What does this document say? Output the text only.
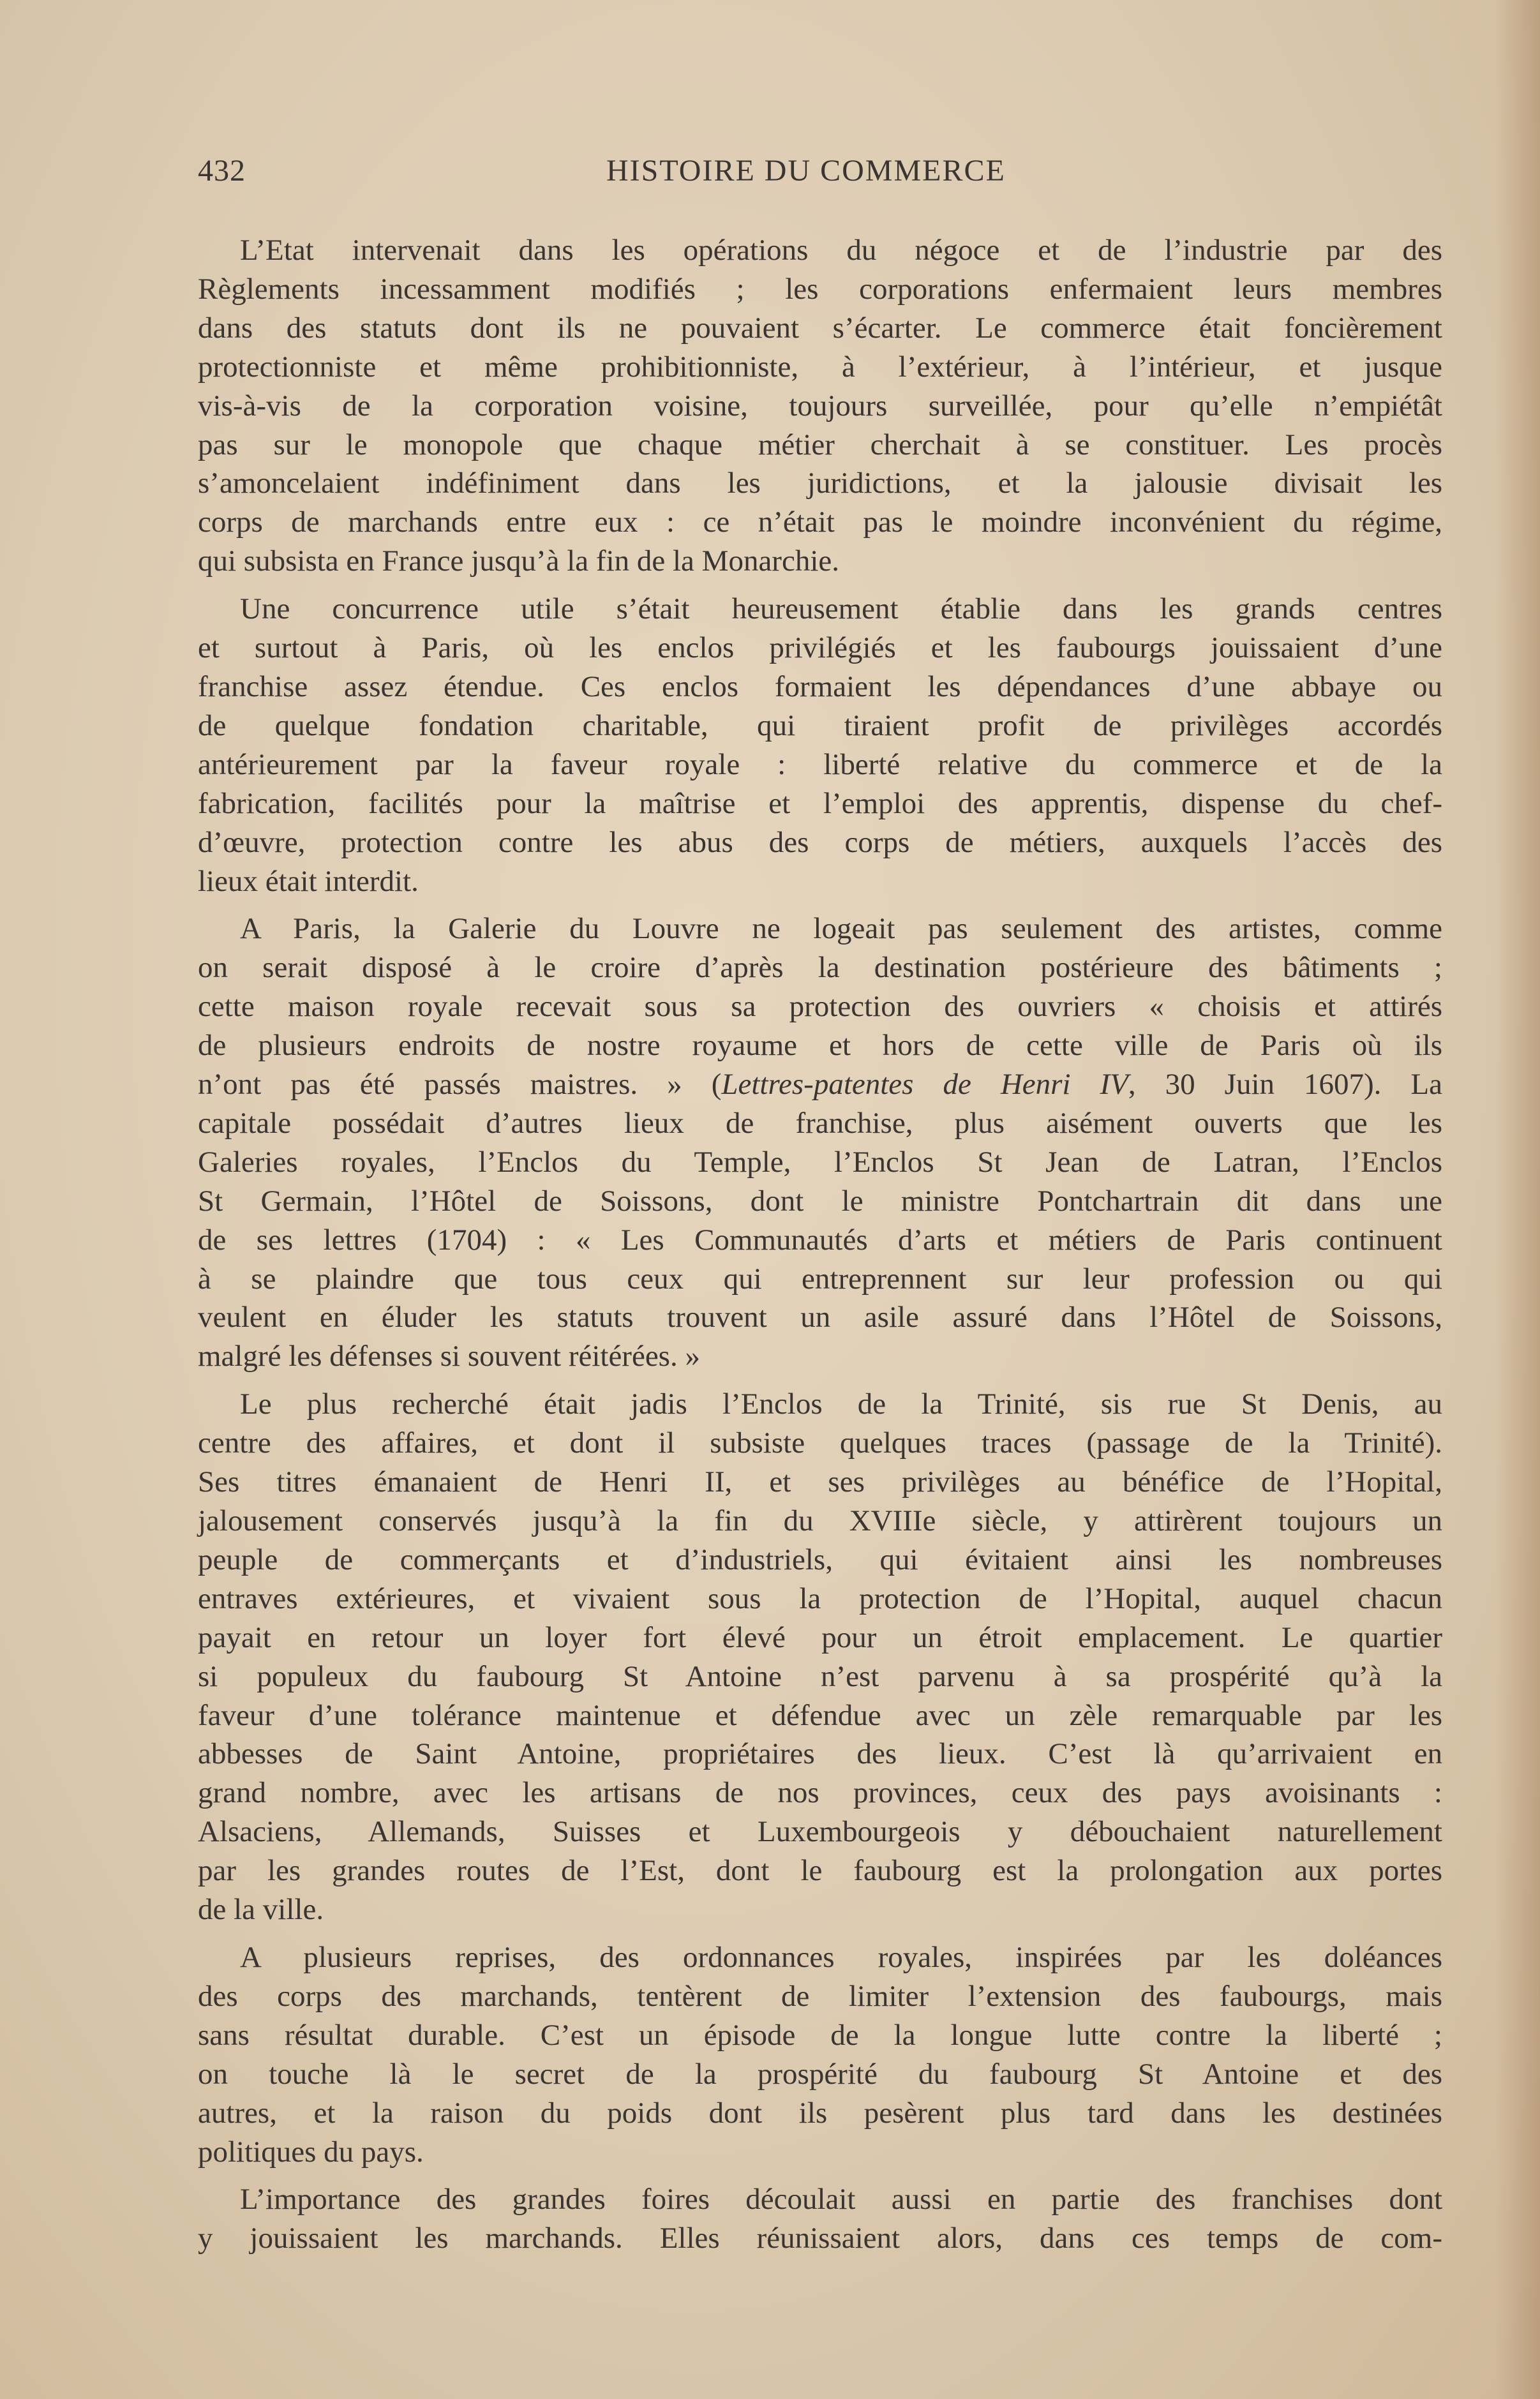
432	HISTOIRE DU COMMERCE

L’Etat intervenait dans les opérations du négoce et de l’industrie par des
Règlements incessamment modifiés ; les corporations enfermaient leurs membres
dans des statuts dont ils ne pouvaient s’écarter. Le commerce était foncièrement
protectionniste et même prohibitionniste, à l’extérieur, à l’intérieur, et jusque
vis-à-vis de la corporation voisine, toujours surveillée, pour qu’elle n’empiétât
pas sur le monopole que chaque métier cherchait à se constituer. Les procès
s’amoncelaient indéfiniment dans les juridictions, et la jalousie divisait les
corps de marchands entre eux : ce n’était pas le moindre inconvénient du régime,
qui subsista en France jusqu’à la fin de la Monarchie.

Une concurrence utile s’était heureusement établie dans les grands centres
et surtout à Paris, où les enclos privilégiés et les faubourgs jouissaient d’une
franchise assez étendue. Ces enclos formaient les dépendances d’une abbaye ou
de quelque fondation charitable, qui tiraient profit de privilèges accordés
antérieurement par la faveur royale : liberté relative du commerce et de la
fabrication, facilités pour la maîtrise et l’emploi des apprentis, dispense du chef-
d’œuvre, protection contre les abus des corps de métiers, auxquels l’accès des
lieux était interdit.

A Paris, la Galerie du Louvre ne logeait pas seulement des artistes, comme
on serait disposé à le croire d’après la destination postérieure des bâtiments ;
cette maison royale recevait sous sa protection des ouvriers « choisis et attirés
de plusieurs endroits de nostre royaume et hors de cette ville de Paris où ils
n’ont pas été passés maistres. » (Lettres-patentes de Henri IV, 30 Juin 1607). La
capitale possédait d’autres lieux de franchise, plus aisément ouverts que les
Galeries royales, l’Enclos du Temple, l’Enclos St Jean de Latran, l’Enclos
St Germain, l’Hôtel de Soissons, dont le ministre Pontchartrain dit dans une
de ses lettres (1704) : « Les Communautés d’arts et métiers de Paris continuent
à se plaindre que tous ceux qui entreprennent sur leur profession ou qui
veulent en éluder les statuts trouvent un asile assuré dans l’Hôtel de Soissons,
malgré les défenses si souvent réitérées. »

Le plus recherché était jadis l’Enclos de la Trinité, sis rue St Denis, au
centre des affaires, et dont il subsiste quelques traces (passage de la Trinité).
Ses titres émanaient de Henri II, et ses privilèges au bénéfice de l’Hopital,
jalousement conservés jusqu’à la fin du XVIIIe siècle, y attirèrent toujours un
peuple de commerçants et d’industriels, qui évitaient ainsi les nombreuses
entraves extérieures, et vivaient sous la protection de l’Hopital, auquel chacun
payait en retour un loyer fort élevé pour un étroit emplacement. Le quartier
si populeux du faubourg St Antoine n’est parvenu à sa prospérité qu’à la
faveur d’une tolérance maintenue et défendue avec un zèle remarquable par les
abbesses de Saint Antoine, propriétaires des lieux. C’est là qu’arrivaient en
grand nombre, avec les artisans de nos provinces, ceux des pays avoisinants :
Alsaciens, Allemands, Suisses et Luxembourgeois y débouchaient naturellement
par les grandes routes de l’Est, dont le faubourg est la prolongation aux portes
de la ville.

A plusieurs reprises, des ordonnances royales, inspirées par les doléances
des corps des marchands, tentèrent de limiter l’extension des faubourgs, mais
sans résultat durable. C’est un épisode de la longue lutte contre la liberté ;
on touche là le secret de la prospérité du faubourg St Antoine et des
autres, et la raison du poids dont ils pesèrent plus tard dans les destinées
politiques du pays.

L’importance des grandes foires découlait aussi en partie des franchises dont
y jouissaient les marchands. Elles réunissaient alors, dans ces temps de com-
